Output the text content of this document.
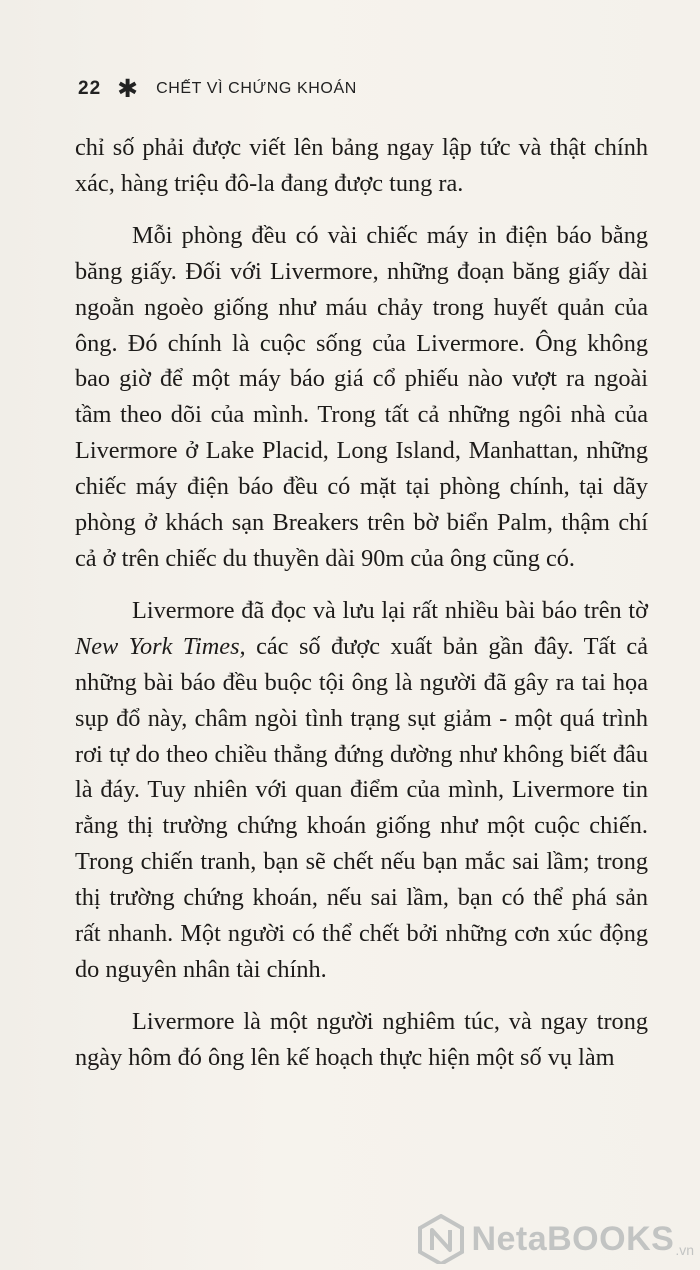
22 ✱ CHẾT VÌ CHỨNG KHOÁN

chỉ số phải được viết lên bảng ngay lập tức và thật chính xác, hàng triệu đô-la đang được tung ra.

Mỗi phòng đều có vài chiếc máy in điện báo bằng băng giấy. Đối với Livermore, những đoạn băng giấy dài ngoằn ngoèo giống như máu chảy trong huyết quản của ông. Đó chính là cuộc sống của Livermore. Ông không bao giờ để một máy báo giá cổ phiếu nào vượt ra ngoài tầm theo dõi của mình. Trong tất cả những ngôi nhà của Livermore ở Lake Placid, Long Island, Manhattan, những chiếc máy điện báo đều có mặt tại phòng chính, tại dãy phòng ở khách sạn Breakers trên bờ biển Palm, thậm chí cả ở trên chiếc du thuyền dài 90m của ông cũng có.

Livermore đã đọc và lưu lại rất nhiều bài báo trên tờ New York Times, các số được xuất bản gần đây. Tất cả những bài báo đều buộc tội ông là người đã gây ra tai họa sụp đổ này, châm ngòi tình trạng sụt giảm - một quá trình rơi tự do theo chiều thẳng đứng dường như không biết đâu là đáy. Tuy nhiên với quan điểm của mình, Livermore tin rằng thị trường chứng khoán giống như một cuộc chiến. Trong chiến tranh, bạn sẽ chết nếu bạn mắc sai lầm; trong thị trường chứng khoán, nếu sai lầm, bạn có thể phá sản rất nhanh. Một người có thể chết bởi những cơn xúc động do nguyên nhân tài chính.

Livermore là một người nghiêm túc, và ngay trong ngày hôm đó ông lên kế hoạch thực hiện một số vụ làm

NetaBOOKS .vn
